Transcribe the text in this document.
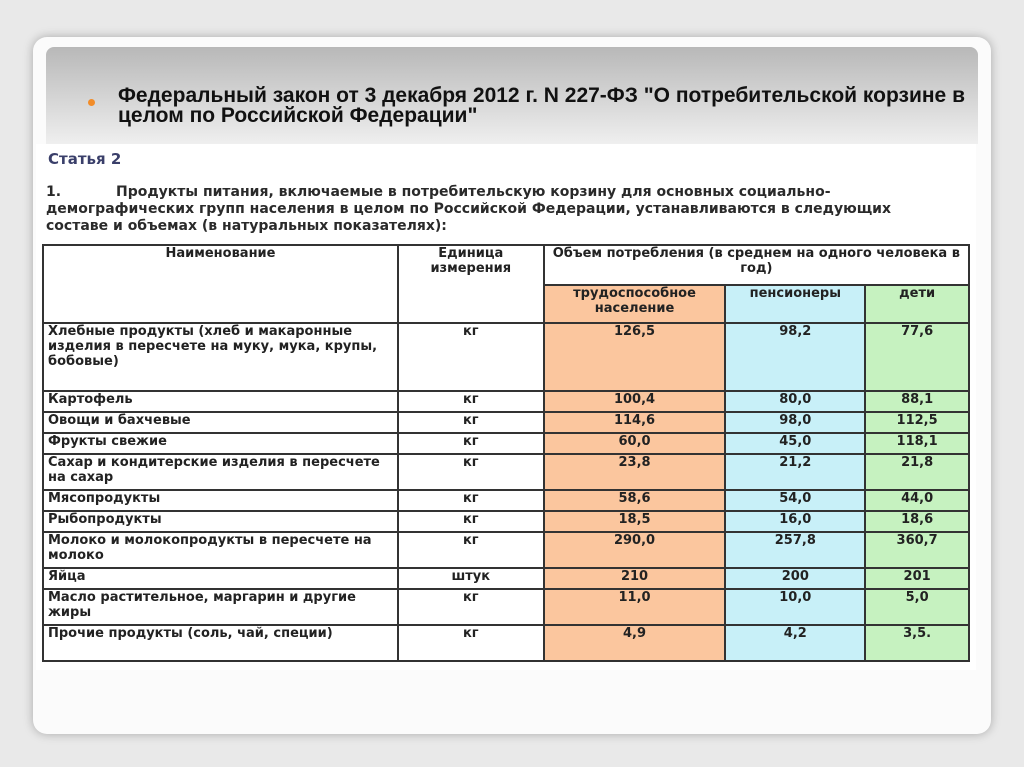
Федеральный закон от 3 декабря 2012 г. N 227-ФЗ "О потребительской корзине в целом по Российской Федерации"
Статья 2
1.	Продукты питания, включаемые в потребительскую корзину для основных социально-демографических групп населения в целом по Российской Федерации, устанавливаются в следующих составе и объемах (в натуральных показателях):
Наименование	Единица измерения	Объем потребления (в среднем на одного человека в год)		
		трудоспособное население	пенсионеры	дети
Хлебные продукты (хлеб и макаронные изделия в пересчете на муку, мука, крупы, бобовые)	кг	126,5	98,2	77,6
Картофель	кг	100,4	80,0	88,1
Овощи и бахчевые	кг	114,6	98,0	112,5
Фрукты свежие	кг	60,0	45,0	118,1
Сахар и кондитерские изделия в пересчете на сахар	кг	23,8	21,2	21,8
Мясопродукты	кг	58,6	54,0	44,0
Рыбопродукты	кг	18,5	16,0	18,6
Молоко и молокопродукты в пересчете на молоко	кг	290,0	257,8	360,7
Яйца	штук	210	200	201
Масло растительное, маргарин и другие жиры	кг	11,0	10,0	5,0
Прочие продукты (соль, чай, специи)	кг	4,9	4,2	3,5.
